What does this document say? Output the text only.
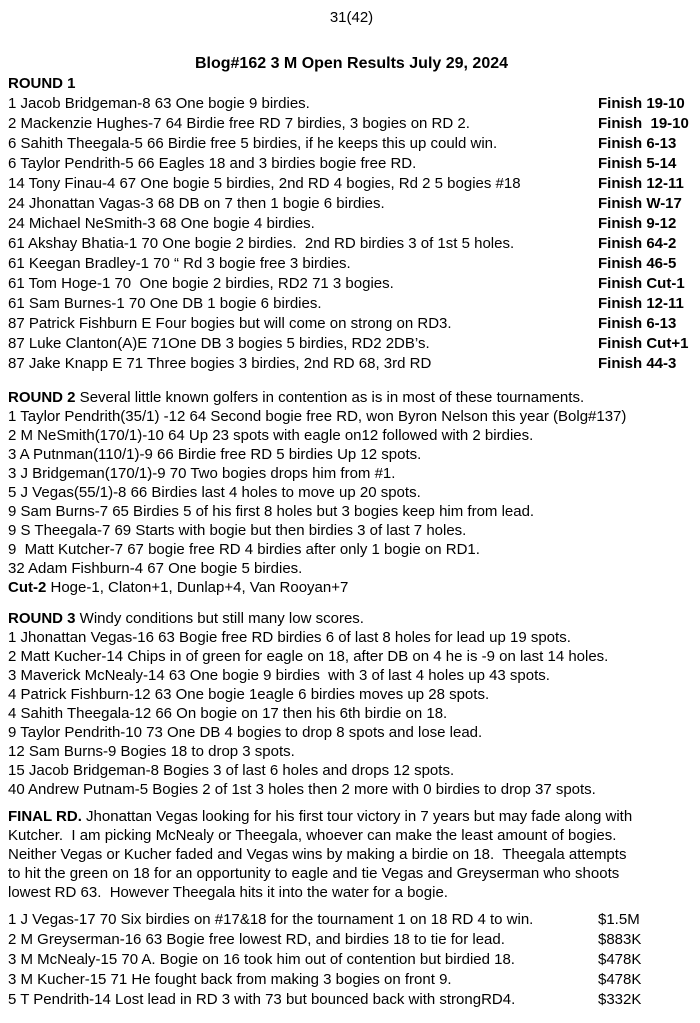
31(42)
Blog#162 3 M Open Results July 29, 2024
ROUND 1
1 Jacob Bridgeman-8 63 One bogie 9 birdies.	Finish 19-10
2 Mackenzie Hughes-7 64 Birdie free RD 7 birdies, 3 bogies on RD 2.	Finish  19-10
6 Sahith Theegala-5 66 Birdie free 5 birdies, if he keeps this up could win.	Finish 6-13
6 Taylor Pendrith-5 66 Eagles 18 and 3 birdies bogie free RD.	Finish 5-14
14 Tony Finau-4 67 One bogie 5 birdies, 2nd RD 4 bogies, Rd 2 5 bogies #18	Finish 12-11
24 Jhonattan Vagas-3 68 DB on 7 then 1 bogie 6 birdies.	Finish W-17
24 Michael NeSmith-3 68 One bogie 4 birdies.	Finish 9-12
61 Akshay Bhatia-1 70 One bogie 2 birdies.  2nd RD birdies 3 of 1st 5 holes.	Finish 64-2
61 Keegan Bradley-1 70 “ Rd 3 bogie free 3 birdies.	Finish 46-5
61 Tom Hoge-1 70  One bogie 2 birdies, RD2 71 3 bogies.	Finish Cut-1
61 Sam Burnes-1 70 One DB 1 bogie 6 birdies.	Finish 12-11
87 Patrick Fishburn E Four bogies but will come on strong on RD3.	Finish 6-13
87 Luke Clanton(A)E 71One DB 3 bogies 5 birdies, RD2 2DB’s.	Finish Cut+1
87 Jake Knapp E 71 Three bogies 3 birdies, 2nd RD 68, 3rd RD	Finish 44-3
ROUND 2 Several little known golfers in contention as is in most of these tournaments.
1 Taylor Pendrith(35/1) -12 64 Second bogie free RD, won Byron Nelson this year (Bolg#137)
2 M NeSmith(170/1)-10 64 Up 23 spots with eagle on12 followed with 2 birdies.
3 A Putnman(110/1)-9 66 Birdie free RD 5 birdies Up 12 spots.
3 J Bridgeman(170/1)-9 70 Two bogies drops him from #1.
5 J Vegas(55/1)-8 66 Birdies last 4 holes to move up 20 spots.
9 Sam Burns-7 65 Birdies 5 of his first 8 holes but 3 bogies keep him from lead.
9 S Theegala-7 69 Starts with bogie but then birdies 3 of last 7 holes.
9  Matt Kutcher-7 67 bogie free RD 4 birdies after only 1 bogie on RD1.
32 Adam Fishburn-4 67 One bogie 5 birdies.
Cut-2 Hoge-1, Claton+1, Dunlap+4, Van Rooyan+7
ROUND 3 Windy conditions but still many low scores.
1 Jhonattan Vegas-16 63 Bogie free RD birdies 6 of last 8 holes for lead up 19 spots.
2 Matt Kucher-14 Chips in of green for eagle on 18, after DB on 4 he is -9 on last 14 holes.
3 Maverick McNealy-14 63 One bogie 9 birdies  with 3 of last 4 holes up 43 spots.
4 Patrick Fishburn-12 63 One bogie 1eagle 6 birdies moves up 28 spots.
4 Sahith Theegala-12 66 On bogie on 17 then his 6th birdie on 18.
9 Taylor Pendrith-10 73 One DB 4 bogies to drop 8 spots and lose lead.
12 Sam Burns-9 Bogies 18 to drop 3 spots.
15 Jacob Bridgeman-8 Bogies 3 of last 6 holes and drops 12 spots.
40 Andrew Putnam-5 Bogies 2 of 1st 3 holes then 2 more with 0 birdies to drop 37 spots.
FINAL RD. Jhonattan Vegas looking for his first tour victory in 7 years but may fade along with
Kutcher.  I am picking McNealy or Theegala, whoever can make the least amount of bogies.
Neither Vegas or Kucher faded and Vegas wins by making a birdie on 18.  Theegala attempts
to hit the green on 18 for an opportunity to eagle and tie Vegas and Greyserman who shoots
lowest RD 63.  However Theegala hits it into the water for a bogie.
1 J Vegas-17 70 Six birdies on #17&18 for the tournament 1 on 18 RD 4 to win.	$1.5M
2 M Greyserman-16 63 Bogie free lowest RD, and birdies 18 to tie for lead.	$883K
3 M McNealy-15 70 A. Bogie on 16 took him out of contention but birdied 18.	$478K
3 M Kucher-15 71 He fought back from making 3 bogies on front 9.	$478K
5 T Pendrith-14 Lost lead in RD 3 with 73 but bounced back with strongRD4.	$332K
